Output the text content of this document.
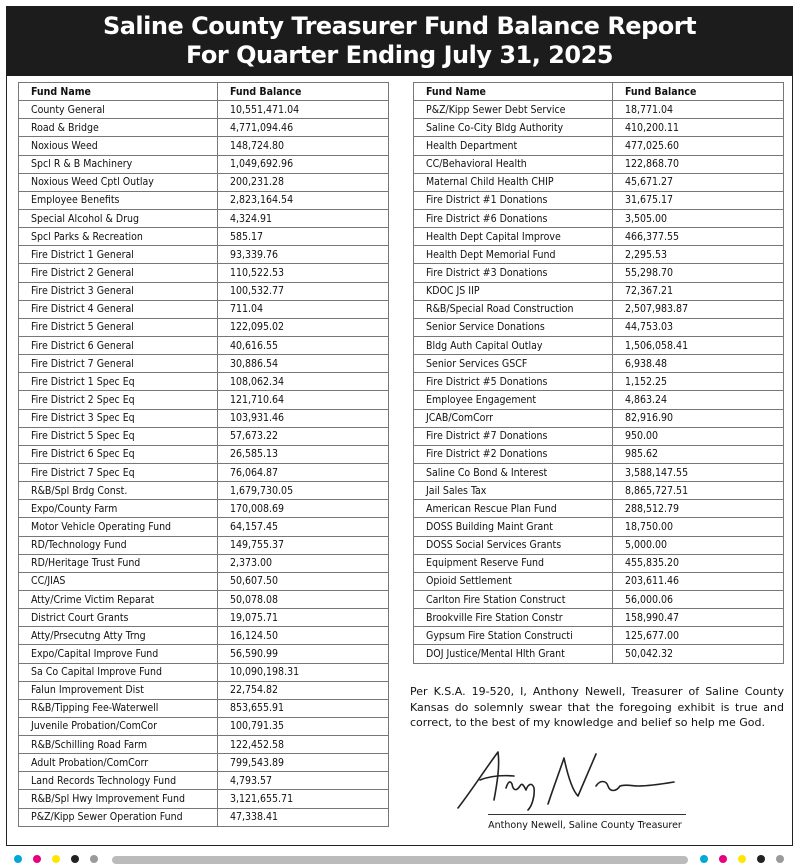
Saline County Treasurer Fund Balance Report
For Quarter Ending July 31, 2025
Fund Name	Fund Balance
County General	10,551,471.04
Road & Bridge	4,771,094.46
Noxious Weed	148,724.80
Spcl R & B Machinery	1,049,692.96
Noxious Weed Cptl Outlay	200,231.28
Employee Benefits	2,823,164.54
Special Alcohol & Drug	4,324.91
Spcl Parks & Recreation	585.17
Fire District 1 General	93,339.76
Fire District 2 General	110,522.53
Fire District 3 General	100,532.77
Fire District 4 General	711.04
Fire District 5 General	122,095.02
Fire District 6 General	40,616.55
Fire District 7 General	30,886.54
Fire District 1 Spec Eq	108,062.34
Fire District 2 Spec Eq	121,710.64
Fire District 3 Spec Eq	103,931.46
Fire District 5 Spec Eq	57,673.22
Fire District 6 Spec Eq	26,585.13
Fire District 7 Spec Eq	76,064.87
R&B/Spl Brdg Const.	1,679,730.05
Expo/County Farm	170,008.69
Motor Vehicle Operating Fund	64,157.45
RD/Technology Fund	149,755.37
RD/Heritage Trust Fund	2,373.00
CC/JIAS	50,607.50
Atty/Crime Victim Reparat	50,078.08
District Court Grants	19,075.71
Atty/Prsecutng Atty Trng	16,124.50
Expo/Capital Improve Fund	56,590.99
Sa Co Capital Improve Fund	10,090,198.31
Falun Improvement Dist	22,754.82
R&B/Tipping Fee-Waterwell	853,655.91
Juvenile Probation/ComCor	100,791.35
R&B/Schilling Road Farm	122,452.58
Adult Probation/ComCorr	799,543.89
Land Records Technology Fund	4,793.57
R&B/Spl Hwy Improvement Fund	3,121,655.71
P&Z/Kipp Sewer Operation Fund	47,338.41
Fund Name	Fund Balance
P&Z/Kipp Sewer Debt Service	18,771.04
Saline Co-City Bldg Authority	410,200.11
Health Department	477,025.60
CC/Behavioral Health	122,868.70
Maternal Child Health CHIP	45,671.27
Fire District #1 Donations	31,675.17
Fire District #6 Donations	3,505.00
Health Dept Capital Improve	466,377.55
Health Dept Memorial Fund	2,295.53
Fire District #3 Donations	55,298.70
KDOC JS IIP	72,367.21
R&B/Special Road Construction	2,507,983.87
Senior Service Donations	44,753.03
Bldg Auth Capital Outlay	1,506,058.41
Senior Services GSCF	6,938.48
Fire District #5 Donations	1,152.25
Employee Engagement	4,863.24
JCAB/ComCorr	82,916.90
Fire District #7 Donations	950.00
Fire District #2 Donations	985.62
Saline Co Bond & Interest	3,588,147.55
Jail Sales Tax	8,865,727.51
American Rescue Plan Fund	288,512.79
DOSS Building Maint Grant	18,750.00
DOSS Social Services Grants	5,000.00
Equipment Reserve Fund	455,835.20
Opioid Settlement	203,611.46
Carlton Fire Station Construct	56,000.06
Brookville Fire Station Constr	158,990.47
Gypsum Fire Station Constructi	125,677.00
DOJ Justice/Mental Hlth Grant	50,042.32
Per K.S.A. 19-520, I, Anthony Newell, Treasurer of Saline County Kansas do solemnly swear that the foregoing exhibit is true and correct, to the best of my knowledge and belief so help me God.
Anthony Newell, Saline County Treasurer
